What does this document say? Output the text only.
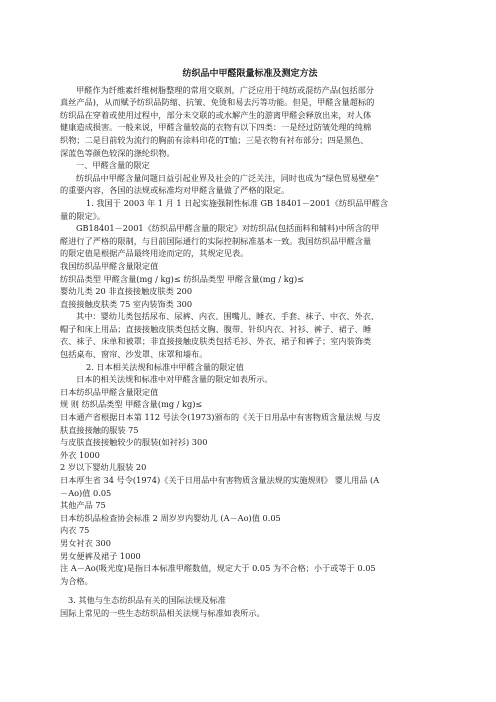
纺织品中甲醛限量标准及测定方法

甲醛作为纤维素纤维树脂整理的常用交联剂，广泛应用于纯纺或混纺产品(包括部分

真丝产品)，从而赋予纺织品防缩、抗皱、免烫和易去污等功能。但是，甲醛含量超标的

纺织品在穿着或使用过程中，部分未交联的或水解产生的游离甲醛会释放出来，对人体

健康造成损害。一般来说，甲醛含量较高的衣物有以下四类：一是经过防皱处理的纯棉

织物；二是目前较为流行的胸前有涂料印花的T恤；三是衣物有衬布部分；四是黑色、

深蓝色等颜色较深的涤纶织物。

一、甲醛含量的限定

纺织品中甲醛含量问题日益引起业界及社会的广泛关注，同时也成为“绿色贸易壁垒”

的重要内容，各国的法规或标准均对甲醛含量做了严格的限定。

1. 我国于 2003 年 1 月 1 日起实施强制性标准 GB 18401－2001《纺织品甲醛含

量的限定》。

GB18401－2001《纺织品甲醛含量的限定》对纺织品(包括面料和辅料)中所含的甲

醛进行了严格的限制，与目前国际通行的实际控制标准基本一致。我国纺织品甲醛含量

的限定值是根据产品最终用途而定的，其规定见表。

我国纺织品甲醛含量限定值

纺织品类型 甲醛含量(mg / kg)≤ 纺织品类型 甲醛含量(mg / kg)≤

婴幼儿类 20 非直接接触皮肤类 200

直接接触皮肤类 75 室内装饰类 300

其中：婴幼儿类包括尿布、尿裤、内衣、围嘴儿、睡衣、手套、袜子、中衣、外衣、

帽子和床上用品；直接接触皮肤类包括文胸、腹带、针织内衣、衬衫、裤子、裙子、睡

衣、袜子、床单和被罩；非直接接触皮肤类包括毛衫、外衣、裙子和裤子；室内装饰类

包括桌布、窗帘、沙发罩、床罩和墙布。

2. 日本相关法规和标准中甲醛含量的限定值

日本的相关法规和标准中对甲醛含量的限定如表所示。

日本纺织品甲醛含量限定值

规 则 纺织品类型 甲醛含量(mg / kg)≤

日本通产省根据日本第 112 号法令(1973)颁布的《关于日用品中有害物质含量法规 与皮

肤直接接触的服装 75

与皮肤直接接触较少的服装(如衬衫) 300

外衣 1000

2 岁以下婴幼儿服装 20

日本厚生省 34 号令(1974)《关于日用品中有害物质含量法规的实施规则》 婴儿用品 (A

－Ao)值 0.05

其他产品 75

日本纺织品检查协会标准 2 周岁岁内婴幼儿 (A－Ao)值 0.05

内衣 75

男女衬衣 300

男女便裤及裙子 1000

注 A－Ao(吸光度)是指日本标准甲醛数值，规定大于 0.05 为不合格；小于或等于 0.05

为合格。

3. 其他与生态纺织品有关的国际法规及标准

国际上常见的一些生态纺织品相关法规与标准如表所示。
